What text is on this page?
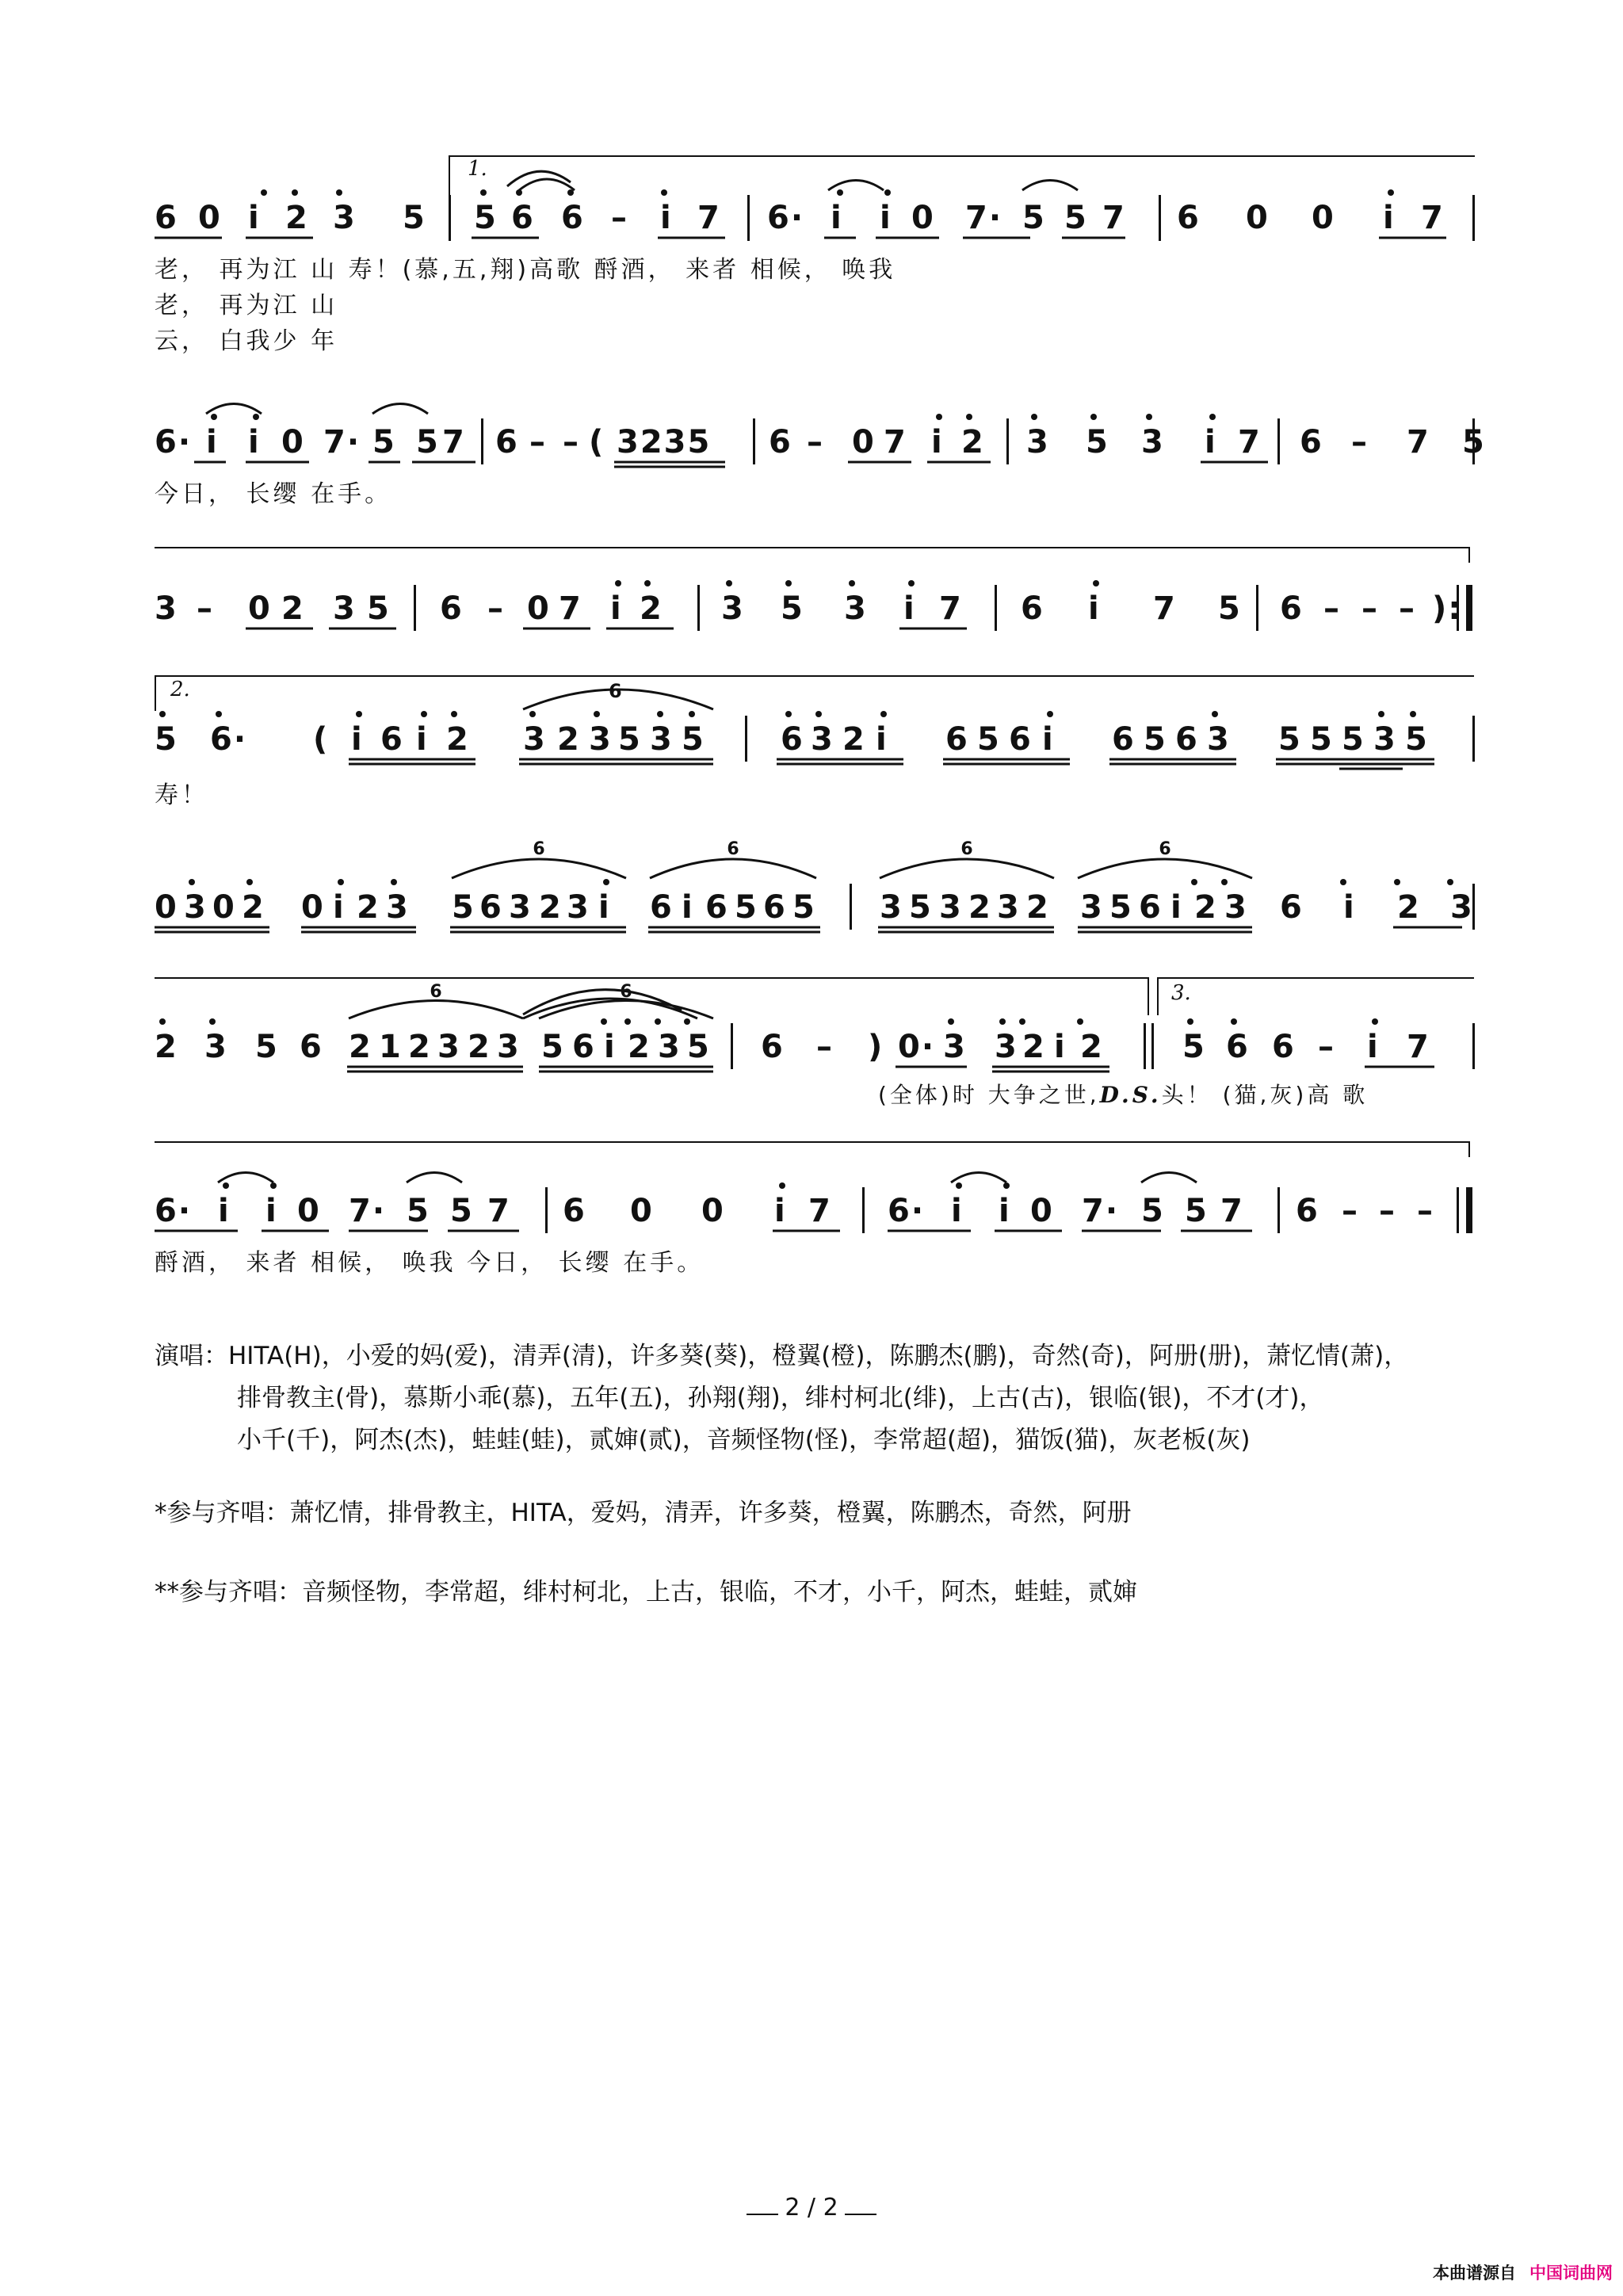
1.
6 0 i 2 3 5 5 6 6 – i 7 6· i i 0 7· 5 5 7 6 0 0 i 7
老， 再为江 山 寿！(慕,五,翔)高歌 酹酒， 来者 相候， 唤我
老， 再为江 山
云， 白我少 年
6· i i 0 7· 5 5 7 6 – – ( 3235 6 – 0 7 i 2 3 5 3 i 7 6 – 7 5
今日， 长缨 在手。
3 – 0 2 3 5 6 – 0 7 i 2 3 5 3 i 7 6 i 7 5 6 – – – ):
2.	6
5 6· ( i 6 i 2 3 2 3 5 3 5 6 3 2 i 6 5 6 i 6 5 6 3 5 5 5 3 5
寿！
0 3 0 2 0 i 2 3 5 6 3 2 3 i 6 i 6 5 6 5 3 5 3 2 3 2 3 5 6 i 2 3 6 i 2 3
3.
2 3 5 6 2 1 2 3 2 3 5 6 i 2 3 5 6 – ) 0· 3 3 2 i 2 5 6 6 – i 7
(全体)时 大争之世,D.S.头！ (猫,灰)高 歌
6· i i 0 7· 5 5 7 6 0 0 i 7 6· i i 0 7· 5 5 7 6 – – –
酹酒， 来者 相候， 唤我 今日， 长缨 在手。
6	6	6	6
6	6
演唱：HITA(H)，小爱的妈(爱)，清弄(清)，许多葵(葵)，橙翼(橙)，陈鹏杰(鹏)，奇然(奇)，阿册(册)，萧忆情(萧)，
排骨教主(骨)，慕斯小乖(慕)，五年(五)，孙翔(翔)，绯村柯北(绯)，上古(古)，银临(银)，不才(才)，
小千(千)，阿杰(杰)，蛙蛙(蛙)，贰婶(贰)，音频怪物(怪)，李常超(超)，猫饭(猫)，灰老板(灰)
*参与齐唱：萧忆情，排骨教主，HITA，爱妈，清弄，许多葵，橙翼，陈鹏杰，奇然，阿册
**参与齐唱：音频怪物，李常超，绯村柯北，上古，银临，不才，小千，阿杰，蛙蛙，贰婶
2 / 2
本曲谱源自 中国词曲网
